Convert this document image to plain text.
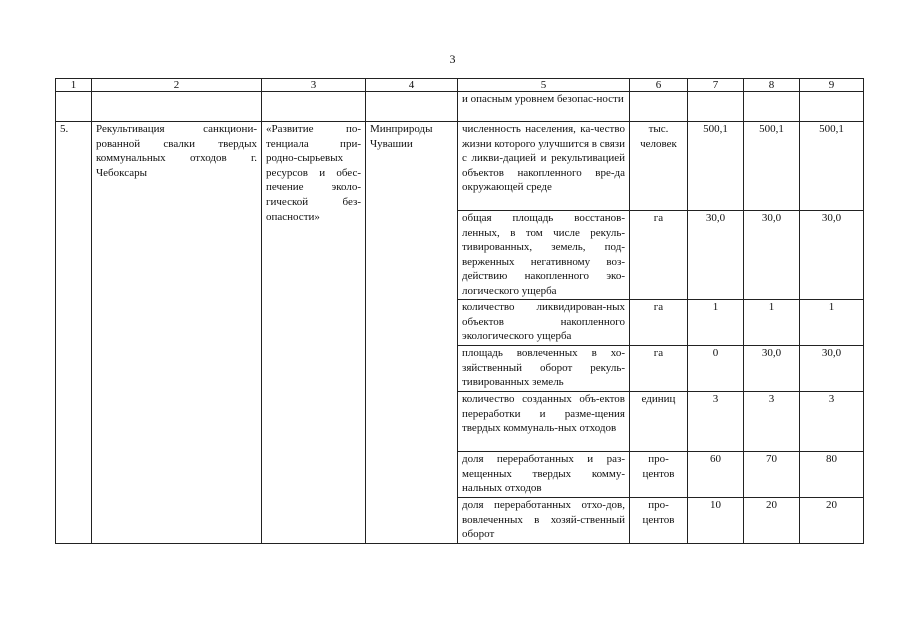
3
1	2	3	4	5	6	7	8	9
				и опасным уровнем безопас-ности				
5.	Рекультивация санкциони-рованной свалки твердых коммунальных отходов г. Чебоксары	«Развитие по-тенциала при-родно-сырьевых ресурсов и обес-печение эколо-гической без-опасности»	Минприроды Чувашии	численность населения, ка-чество жизни которого улучшится в связи с ликви-дацией и рекультивацией объектов накопленного вре-да окружающей среде	тыс. человек	500,1	500,1	500,1
				общая площадь восстанов-ленных, в том числе рекуль-тивированных, земель, под-верженных негативному воз-действию накопленного эко-логического ущерба	га	30,0	30,0	30,0
				количество ликвидирован-ных объектов накопленного экологического ущерба	га	1	1	1
				площадь вовлеченных в хо-зяйственный оборот рекуль-тивированных земель	га	0	30,0	30,0
				количество созданных объ-ектов переработки и разме-щения твердых коммуналь-ных отходов	единиц	3	3	3
				доля переработанных и раз-мещенных твердых комму-нальных отходов	про-центов	60	70	80
				доля переработанных отхо-дов, вовлеченных в хозяй-ственный оборот	про-центов	10	20	20
